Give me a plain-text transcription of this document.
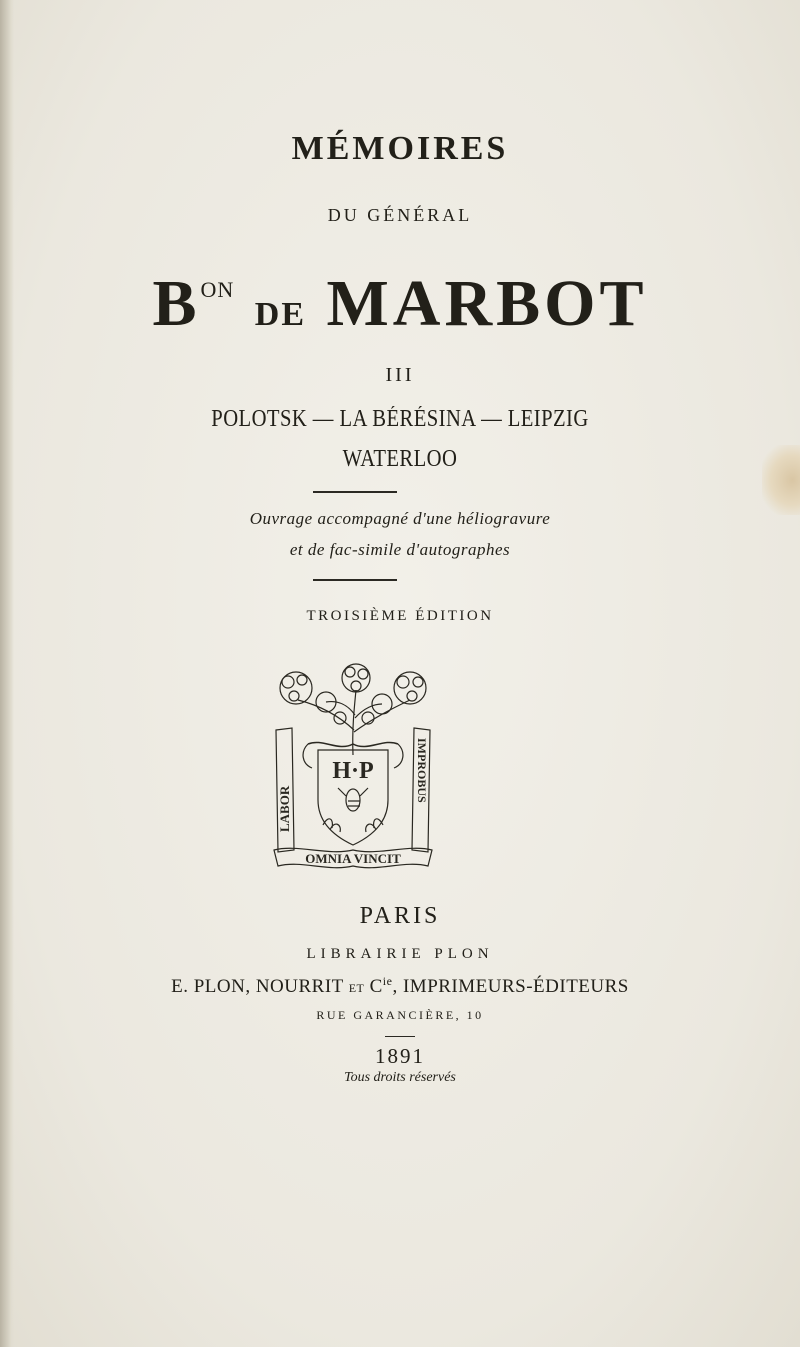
MÉMOIRES
DU GÉNÉRAL
$B^{ON}$ DE MARBOT
III
POLOTSK — LA BÉRÉSINA — LEIPZIG
WATERLOO
Ouvrage accompagné d'une héliogravure
et de fac-simile d'autographes
TROISIÈME ÉDITION
H·P
LABOR
IMPROBUS
OMNIA VINCIT
PARIS
LIBRAIRIE PLON
E. PLON, NOURRIT ET $C^{ie}$, IMPRIMEURS-ÉDITEURS
RUE GARANCIÈRE, 10
1891
Tous droits réservés
